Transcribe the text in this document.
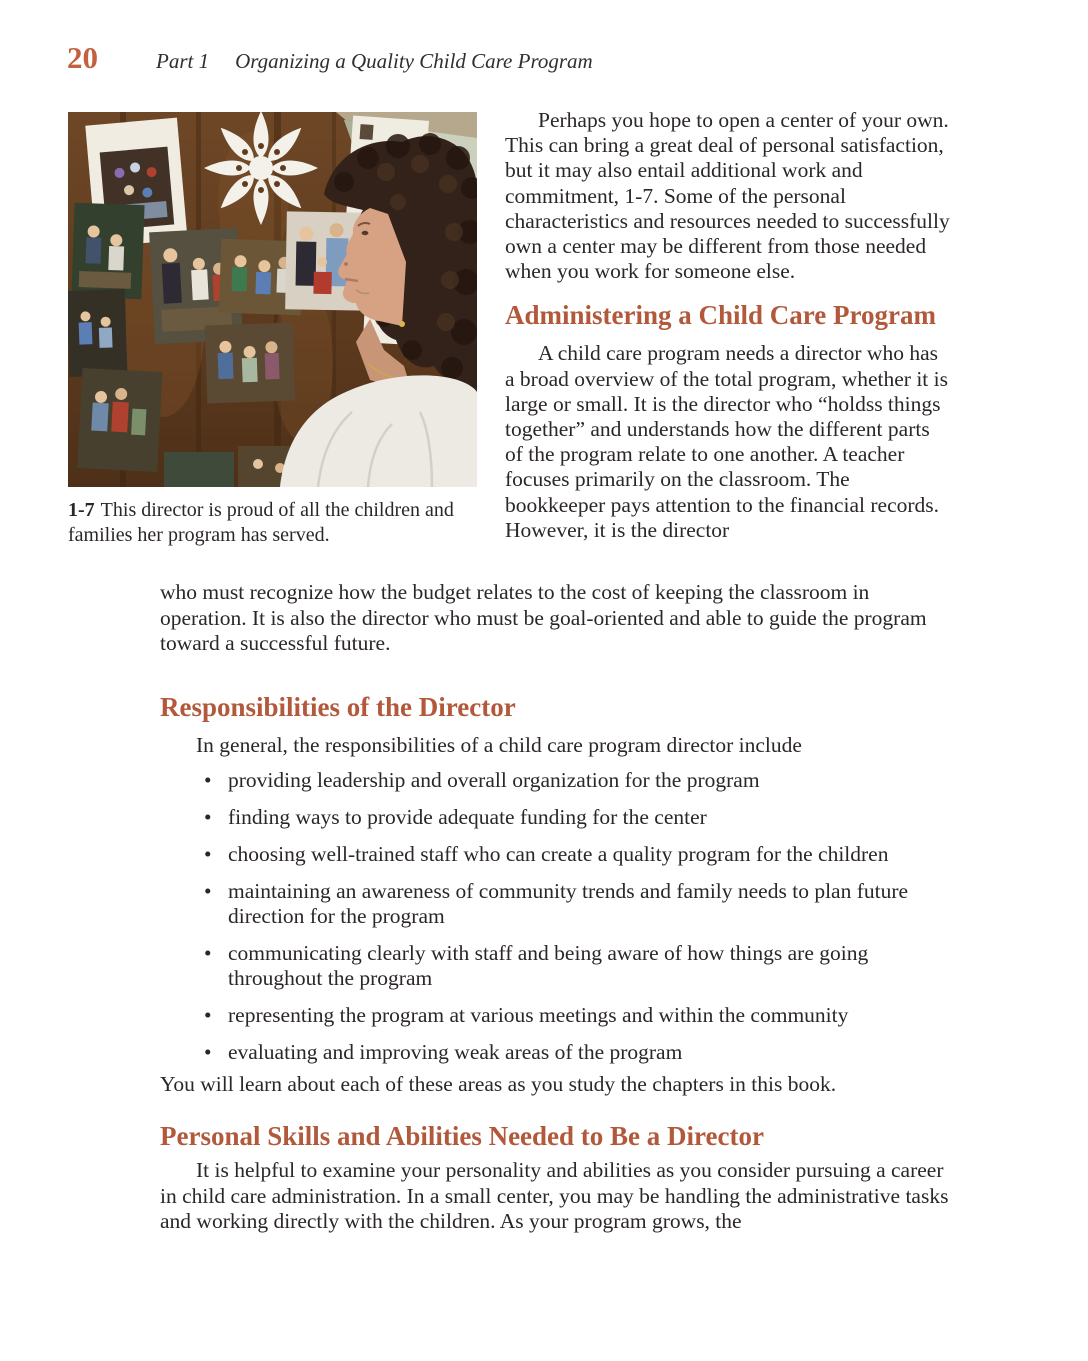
20	Part 1 Organizing a Quality Child Care Program
1-7 This director is proud of all the children and families her program has served.

Perhaps you hope to open a center of your own. This can bring a great deal of personal satisfaction, but it may also entail additional work and commitment, 1-7. Some of the personal characteristics and resources needed to successfully own a center may be different from those needed when you work for someone else.

Administering a Child Care Program

A child care program needs a director who has a broad overview of the total program, whether it is large or small. It is the director who “holdss things together” and understands how the different parts of the program relate to one another. A teacher focuses primarily on the classroom. The bookkeeper pays attention to the financial records. However, it is the director

who must recognize how the budget relates to the cost of keeping the classroom in operation. It is also the director who must be goal-oriented and able to guide the program toward a successful future.

Responsibilities of the Director

In general, the responsibilities of a child care program director include

• providing leadership and overall organization for the program
• finding ways to provide adequate funding for the center
• choosing well-trained staff who can create a quality program for the children
• maintaining an awareness of community trends and family needs to plan future direction for the program
• communicating clearly with staff and being aware of how things are going throughout the program
• representing the program at various meetings and within the community
• evaluating and improving weak areas of the program

You will learn about each of these areas as you study the chapters in this book.

Personal Skills and Abilities Needed to Be a Director

It is helpful to examine your personality and abilities as you consider pursuing a career in child care administration. In a small center, you may be handling the administrative tasks and working directly with the children. As your program grows, the
